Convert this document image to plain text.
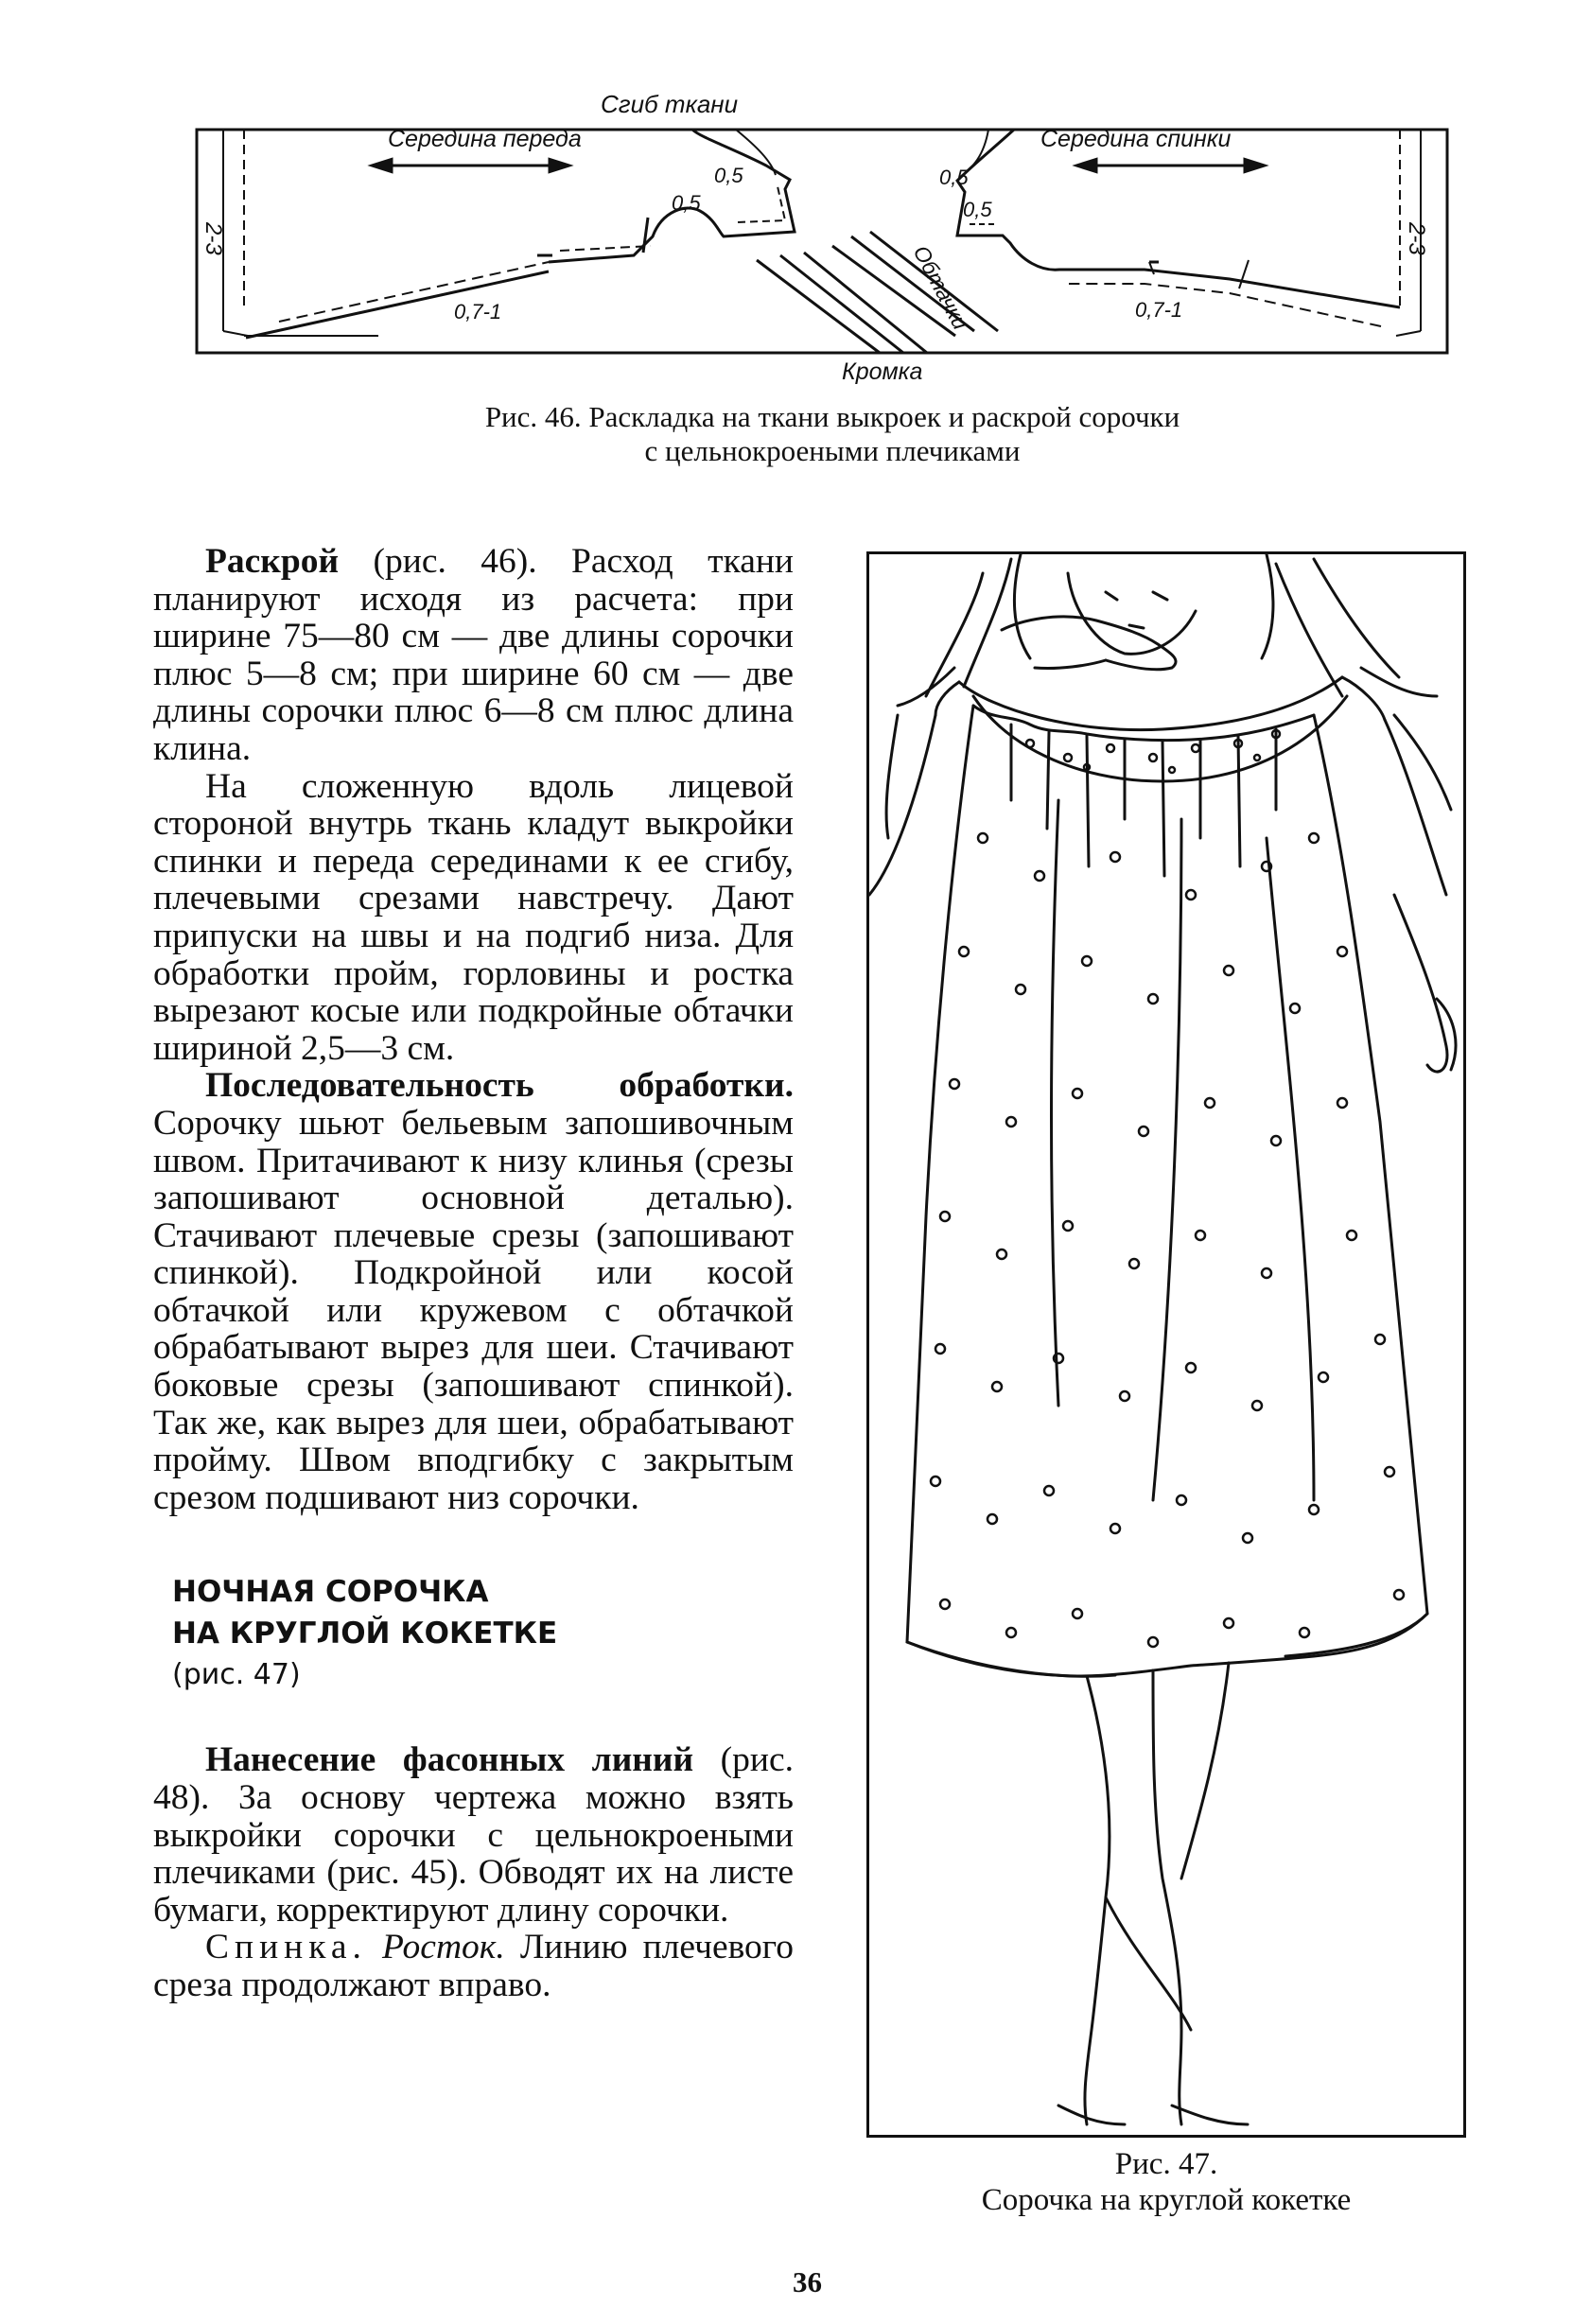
Сгиб ткани
Середина переда	Середина спинки
Кромка
Обтачки
0,5
0,5
0,5
0,5
2-3	2-3
0,7-1	0,7-1
Рис. 46. Раскладка на ткани выкроек и раскрой сорочки
с цельнокроеными плечиками

Раскрой (рис. 46). Расход ткани планируют исходя из расчета: при ширине 75—80 см — две длины сорочки плюс 5—8 см; при ширине 60 см — две длины сорочки плюс 6—8 см плюс длина клина.

На сложенную вдоль лицевой стороной внутрь ткань кладут выкройки спинки и переда серединами к ее сгибу, плечевыми срезами навстречу. Дают припуски на швы и на подгиб низа. Для обработки пройм, горловины и ростка вырезают косые или подкройные обтачки шириной 2,5—3 см.

Последовательность обработки. Сорочку шьют бельевым запошивочным швом. Притачивают к низу клинья (срезы запошивают основной деталью). Стачивают плечевые срезы (запошивают спинкой). Подкройной или косой обтачкой или кружевом с обтачкой обрабатывают вырез для шеи. Стачивают боковые срезы (запошивают спинкой). Так же, как вырез для шеи, обрабатывают пройму. Швом вподгибку с закрытым срезом подшивают низ сорочки.

НОЧНАЯ СОРОЧКА
НА КРУГЛОЙ КОКЕТКЕ
(рис. 47)

Нанесение фасонных линий (рис. 48). За основу чертежа можно взять выкройки сорочки с цельнокроеными плечиками (рис. 45). Обводят их на листе бумаги, корректируют длину сорочки.

Спинка. Росток. Линию плечевого среза продолжают вправо.

Рис. 47.
Сорочка на круглой кокетке
36
